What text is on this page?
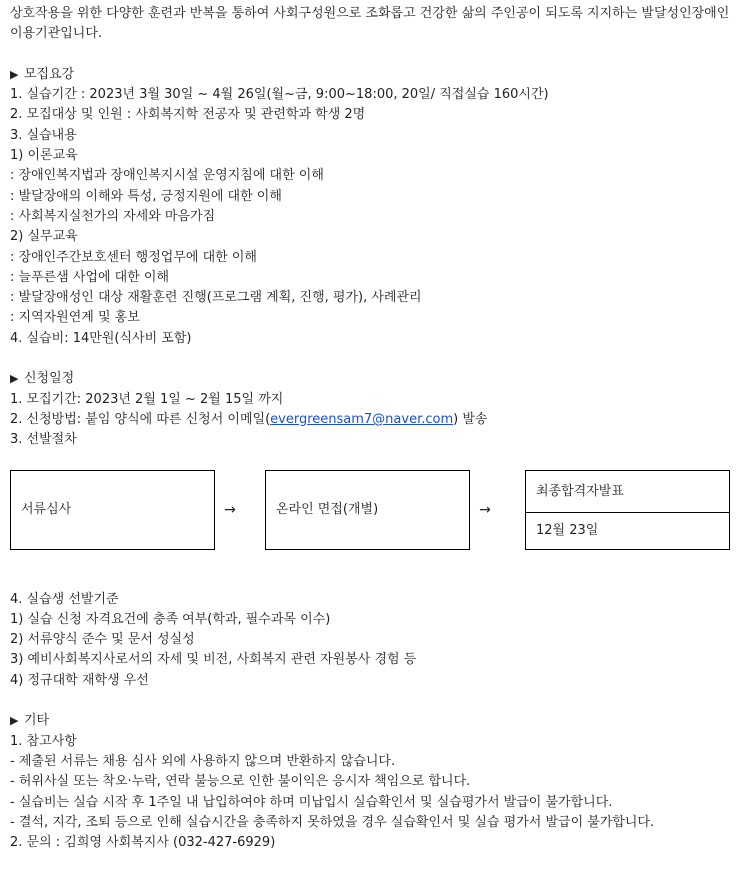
상호작용을 위한 다양한 훈련과 반복을 통하여 사회구성원으로 조화롭고 건강한 삶의 주인공이 되도록 지지하는 발달성인장애인 이용기관입니다.
▶ 모집요강
1. 실습기간 : 2023년 3월 30일 ~ 4월 26일(월~금, 9:00~18:00, 20일/ 직접실습 160시간)
2. 모집대상 및 인원 : 사회복지학 전공자 및 관련학과 학생 2명
3. 실습내용
1) 이론교육
: 장애인복지법과 장애인복지시설 운영지침에 대한 이해
: 발달장애의 이해와 특성, 긍정지원에 대한 이해
: 사회복지실천가의 자세와 마음가짐
2) 실무교육
: 장애인주간보호센터 행정업무에 대한 이해
: 늘푸른샘 사업에 대한 이해
: 발달장애성인 대상 재활훈련 진행(프로그램 계획, 진행, 평가), 사례관리
: 지역자원연계 및 홍보
4. 실습비: 14만원(식사비 포함)
▶ 신청일정
1. 모집기간: 2023년 2월 1일 ~ 2월 15일 까지
2. 신청방법: 붙임 양식에 따른 신청서 이메일(evergreensam7@naver.com) 발송
3. 선발절차
서류심사	→	온라인 면접(개별)	→
최종합격자발표
12월 23일
4. 실습생 선발기준
1) 실습 신청 자격요건에 충족 여부(학과, 필수과목 이수)
2) 서류양식 준수 및 문서 성실성
3) 예비사회복지사로서의 자세 및 비전, 사회복지 관련 자원봉사 경험 등
4) 정규대학 재학생 우선
▶ 기타
1. 참고사항
- 제출된 서류는 채용 심사 외에 사용하지 않으며 반환하지 않습니다.
- 허위사실 또는 착오·누락, 연락 불능으로 인한 불이익은 응시자 책임으로 합니다.
- 실습비는 실습 시작 후 1주일 내 납입하여야 하며 미납입시 실습확인서 및 실습평가서 발급이 불가합니다.
- 결석, 지각, 조퇴 등으로 인해 실습시간을 충족하지 못하였을 경우 실습확인서 및 실습 평가서 발급이 불가합니다.
2. 문의 : 김희영 사회복지사 (032-427-6929)
